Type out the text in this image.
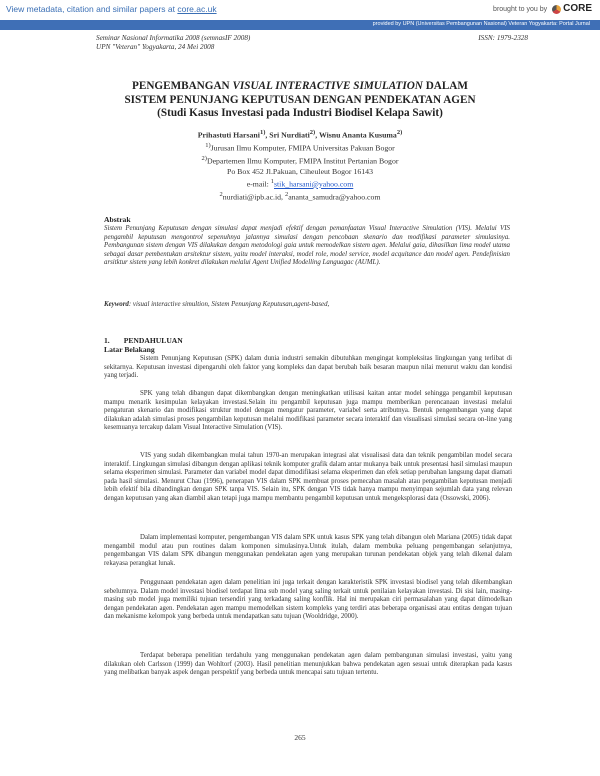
View metadata, citation and similar papers at core.ac.uk	brought to you by CORE
provided by UPN (Universitas Pembangunan Nasional) Veteran Yogyakarta: Portal Jurnal
Seminar Nasional Informatika 2008 (semnasIF 2008)
UPN "Veteran" Yogyakarta, 24 Mei 2008
ISSN: 1979-2328
PENGEMBANGAN VISUAL INTERACTIVE SIMULATION DALAM
SISTEM PENUNJANG KEPUTUSAN DENGAN PENDEKATAN AGEN
(Studi Kasus Investasi pada Industri Biodisel Kelapa Sawit)
Prihastuti Harsani$^{1)}$, Sri Nurdiati$^{2)}$, Wisnu Ananta Kusuma$^{2)}$
$^{1)}$Jurusan Ilmu Komputer, FMIPA Universitas Pakuan Bogor
$^{2)}$Departemen Ilmu Komputer, FMIPA Institut Pertanian Bogor
Po Box 452 Jl.Pakuan, Ciheuleut Bogor 16143
e-mail: $^1$stik_harsani@yahoo.com
$^2$nurdiati@ipb.ac.id, $^2$ananta_samudra@yahoo.com
Abstrak
Sistem Penunjang Keputusan dengan simulasi dapat menjadi efektif dengan pemanfaatan Visual Interactive Simulation (VIS). Melalui VIS pengambil keputusan mengontrol sepenuhnya jalannya simulasi dengan pencobaan skenario dan modifikasi parameter simulasinya. Pembangunan sistem dengan VIS dilakukan dengan metodologi gaia untuk memodelkan sistem agen. Melalui gaia, dihasilkan lima model utama sebagai dasar pembentukan arsitektur sistem, yaitu model interaksi, model role, model service, model acquitance dan model agen. Pendefinisian arsitktur sistem yang lebih konkret dilakukan melalui Agent Unified Modelling Languagac (AUML).
Keyword: visual interactive simultion, Sistem Penunjang Keputusan,agent-based,
1. PENDAHULUAN
Latar Belakang
Sistem Penunjang Keputusan (SPK) dalam dunia industri semakin dibutuhkan mengingat kompleksitas lingkungan yang terlibat di sekitarnya. Keputusan investasi dipengaruhi oleh faktor yang kompleks dan dapat berubah baik besaran maupun nilai menurut waktu dan kondisi yang terjadi.
SPK yang telah dibangun dapat dikembangkan dengan meningkatkan utilisasi kaitan antar model sehingga pengambil keputusan mampu menarik kesimpulan kelayakan investasi.Selain itu pengambil keputusan juga mampu memberikan perencanaan investasi melalui pengaturan skenario dan modifikasi struktur model dengan mengatur parameter, variabel serta atributnya. Bentuk pengembangan yang dapat dilakukan adalah simulasi proses pengambilan keputusan melalui modifikasi parameter secara interaktif dan visualisasi simulasi secara on-line yang kesemuanya tercakup dalam Visual Interactive Simulation (VIS).
VIS yang sudah dikembangkan mulai tahun 1970-an merupakan integrasi alat visualisasi data dan teknik pengambilan model secara interaktif. Lingkungan simulasi dibangun dengan aplikasi teknik komputer grafik dalam antar mukanya baik untuk presentasi hasil simulasi maupun selama eksperimen simulasi. Parameter dan variabel model dapat dimodifikasi selama eksperimen dan efek setiap perubahan langsung dapat diamati pada hasil simulasi. Menurut Chau (1996), penerapan VIS dalam SPK membuat proses pemecahan masalah atau pengambilan keputusan menjadi lebih efektif bila dibandingkan dengan SPK tanpa VIS. Selain itu, SPK dengan VIS tidak hanya mampu menyimpan sejumlah data yang relevan dengan keputusan yang akan diambil akan tetapi juga mampu membantu pengambil keputusan untuk mengeksplorasi data (Ossowski, 2006).
Dalam implementasi komputer, pengembangan VIS dalam SPK untuk kasus SPK yang telah dibangun oleh Mariana (2005) tidak dapat mengambil modul atau pun routines dalam komponen simulasinya.Untuk itulah, dalam membuka peluang pengembangan selanjutnya, pengembangan VIS dalam SPK dibangun menggunakan pendekatan agen yang merupakan turunan pendekatan objek yang telah dikenal dalam rekayasa perangkat lunak.
Penggunaan pendekatan agen dalam penelitian ini juga terkait dengan karakteristik SPK investasi biodisel yang telah dikembangkan sebelumnya. Dalam model investasi biodisel terdapat lima sub model yang saling terkait untuk penilaian kelayakan investasi. Di sisi lain, masing-masing sub model juga memiliki tujuan tersendiri yang terkadang saling konflik. Hal ini merupakan ciri permasalahan yang dapat diimodelkan dengan pendekatan agen. Pendekatan agen mampu memodelkan sistem kompleks yang terdiri atas beberapa organisasi atau entitas dengan tujuan dan mekanisme kelompok yang berbeda untuk mendapatkan satu tujuan (Wooldridge, 2000).
Terdapat beberapa penelitian terdahulu yang menggunakan pendekatan agen dalam pembangunan simulasi investasi, yaitu yang dilakukan oleh Carlsson (1999) dan Wohltorf (2003). Hasil penelitian menunjukkan bahwa pendekatan agen sesuai untuk diterapkan pada kasus yang melibatkan banyak aspek dengan perspektif yang berbeda untuk mencapai satu tujuan tertentu.
265
